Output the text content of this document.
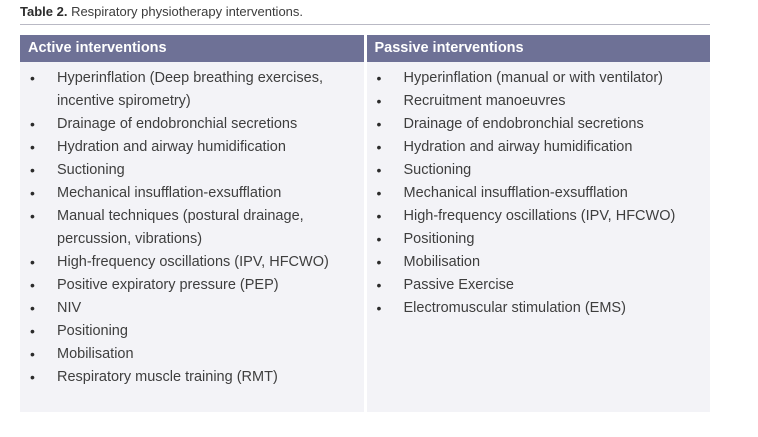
Table 2. Respiratory physiotherapy interventions.
Active interventions
• Hyperinflation (Deep breathing exercises, incentive spirometry)
• Drainage of endobronchial secretions
• Hydration and airway humidification
• Suctioning
• Mechanical insufflation-exsufflation
• Manual techniques (postural drainage, percussion, vibrations)
• High-frequency oscillations (IPV, HFCWO)
• Positive expiratory pressure (PEP)
• NIV
• Positioning
• Mobilisation
• Respiratory muscle training (RMT)
Passive interventions
• Hyperinflation (manual or with ventilator)
• Recruitment manoeuvres
• Drainage of endobronchial secretions
• Hydration and airway humidification
• Suctioning
• Mechanical insufflation-exsufflation
• High-frequency oscillations (IPV, HFCWO)
• Positioning
• Mobilisation
• Passive Exercise
• Electromuscular stimulation (EMS)
